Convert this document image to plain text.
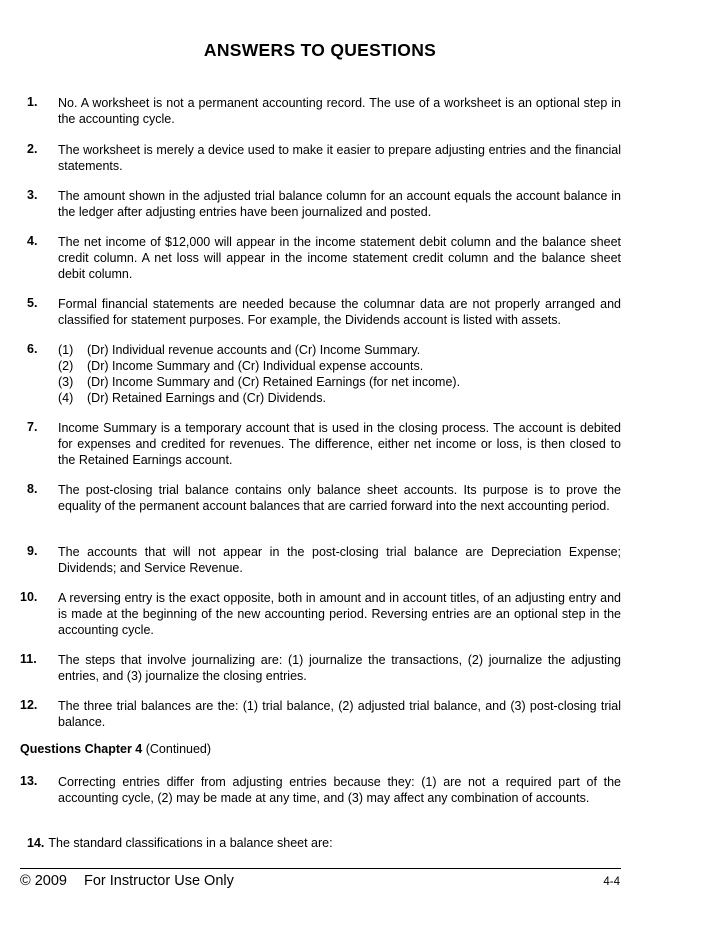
ANSWERS TO QUESTIONS
1.	No. A worksheet is not a permanent accounting record. The use of a worksheet is an optional step in the accounting cycle.
2.	The worksheet is merely a device used to make it easier to prepare adjusting entries and the financial statements.
3.	The amount shown in the adjusted trial balance column for an account equals the account balance in the ledger after adjusting entries have been journalized and posted.
4.	The net income of $12,000 will appear in the income statement debit column and the balance sheet credit column. A net loss will appear in the income statement credit column and the balance sheet debit column.
5.	Formal financial statements are needed because the columnar data are not properly arranged and classified for statement purposes. For example, the Dividends account is listed with assets.
6.	(1)	(Dr) Individual revenue accounts and (Cr) Income Summary.
(2)	(Dr) Income Summary and (Cr) Individual expense accounts.
(3)	(Dr) Income Summary and (Cr) Retained Earnings (for net income).
(4)	(Dr) Retained Earnings and (Cr) Dividends.
7.	Income Summary is a temporary account that is used in the closing process. The account is debited for expenses and credited for revenues. The difference, either net income or loss, is then closed to the Retained Earnings account.
8.	The post-closing trial balance contains only balance sheet accounts. Its purpose is to prove the equality of the permanent account balances that are carried forward into the next accounting period.
9.	The accounts that will not appear in the post-closing trial balance are Depreciation Expense; Dividends; and Service Revenue.
10.	A reversing entry is the exact opposite, both in amount and in account titles, of an adjusting entry and is made at the beginning of the new accounting period. Reversing entries are an optional step in the accounting cycle.
11.	The steps that involve journalizing are: (1) journalize the transactions, (2) journalize the adjusting entries, and (3) journalize the closing entries.
12.	The three trial balances are the: (1) trial balance, (2) adjusted trial balance, and (3) post-closing trial balance.
Questions Chapter 4 (Continued)
13.	Correcting entries differ from adjusting entries because they: (1) are not a required part of the accounting cycle, (2) may be made at any time, and (3) may affect any combination of accounts.
14. The standard classifications in a balance sheet are:
© 2009 For Instructor Use Only	4-4
